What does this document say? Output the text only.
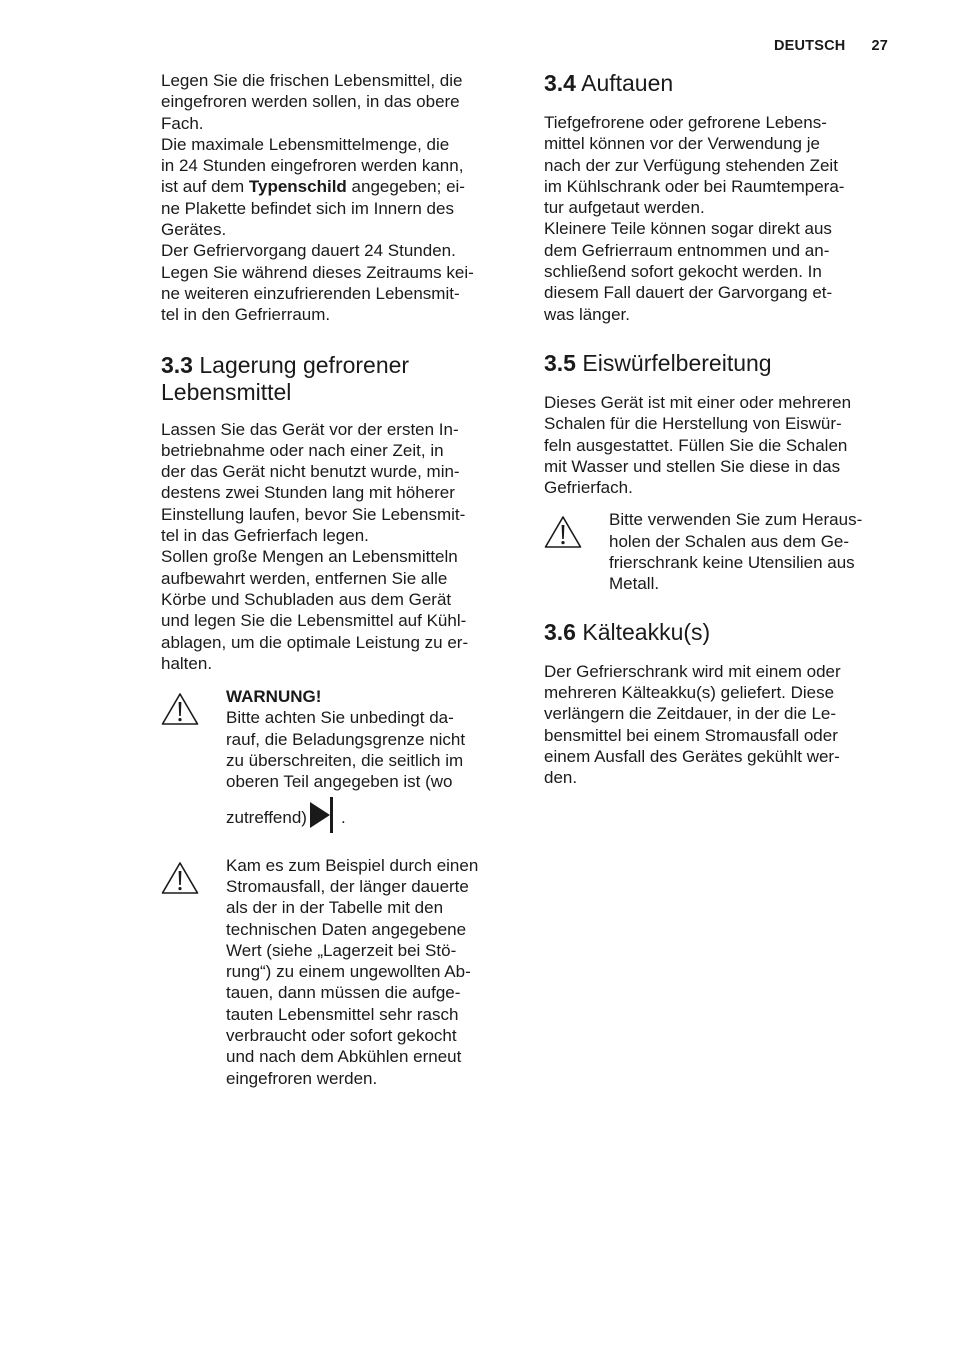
DEUTSCH 27

Legen Sie die frischen Lebensmittel, die
eingefroren werden sollen, in das obere
Fach.

Die maximale Lebensmittelmenge, die
in 24 Stunden eingefroren werden kann,
ist auf dem Typenschild angegeben; ei-
ne Plakette befindet sich im Innern des
Gerätes.

Der Gefriervorgang dauert 24 Stunden.
Legen Sie während dieses Zeitraums kei-
ne weiteren einzufrierenden Lebensmit-
tel in den Gefrierraum.

3.3 Lagerung gefrorener
Lebensmittel

Lassen Sie das Gerät vor der ersten In-
betriebnahme oder nach einer Zeit, in
der das Gerät nicht benutzt wurde, min-
destens zwei Stunden lang mit höherer
Einstellung laufen, bevor Sie Lebensmit-
tel in das Gefrierfach legen.

Sollen große Mengen an Lebensmitteln
aufbewahrt werden, entfernen Sie alle
Körbe und Schubladen aus dem Gerät
und legen Sie die Lebensmittel auf Kühl-
ablagen, um die optimale Leistung zu er-
halten.

WARNUNG!

Bitte achten Sie unbedingt da-
rauf, die Beladungsgrenze nicht
zu überschreiten, die seitlich im
oberen Teil angegeben ist (wo

zutreffend) .

Kam es zum Beispiel durch einen
Stromausfall, der länger dauerte
als der in der Tabelle mit den
technischen Daten angegebene
Wert (siehe „Lagerzeit bei Stö-
rung“) zu einem ungewollten Ab-
tauen, dann müssen die aufge-
tauten Lebensmittel sehr rasch
verbraucht oder sofort gekocht
und nach dem Abkühlen erneut
eingefroren werden.

3.4 Auftauen

Tiefgefrorene oder gefrorene Lebens-
mittel können vor der Verwendung je
nach der zur Verfügung stehenden Zeit
im Kühlschrank oder bei Raumtempera-
tur aufgetaut werden.

Kleinere Teile können sogar direkt aus
dem Gefrierraum entnommen und an-
schließend sofort gekocht werden. In
diesem Fall dauert der Garvorgang et-
was länger.

3.5 Eiswürfelbereitung

Dieses Gerät ist mit einer oder mehreren
Schalen für die Herstellung von Eiswür-
feln ausgestattet. Füllen Sie die Schalen
mit Wasser und stellen Sie diese in das
Gefrierfach.

Bitte verwenden Sie zum Heraus-
holen der Schalen aus dem Ge-
frierschrank keine Utensilien aus
Metall.

3.6 Kälteakku(s)

Der Gefrierschrank wird mit einem oder
mehreren Kälteakku(s) geliefert. Diese
verlängern die Zeitdauer, in der die Le-
bensmittel bei einem Stromausfall oder
einem Ausfall des Gerätes gekühlt wer-
den.
